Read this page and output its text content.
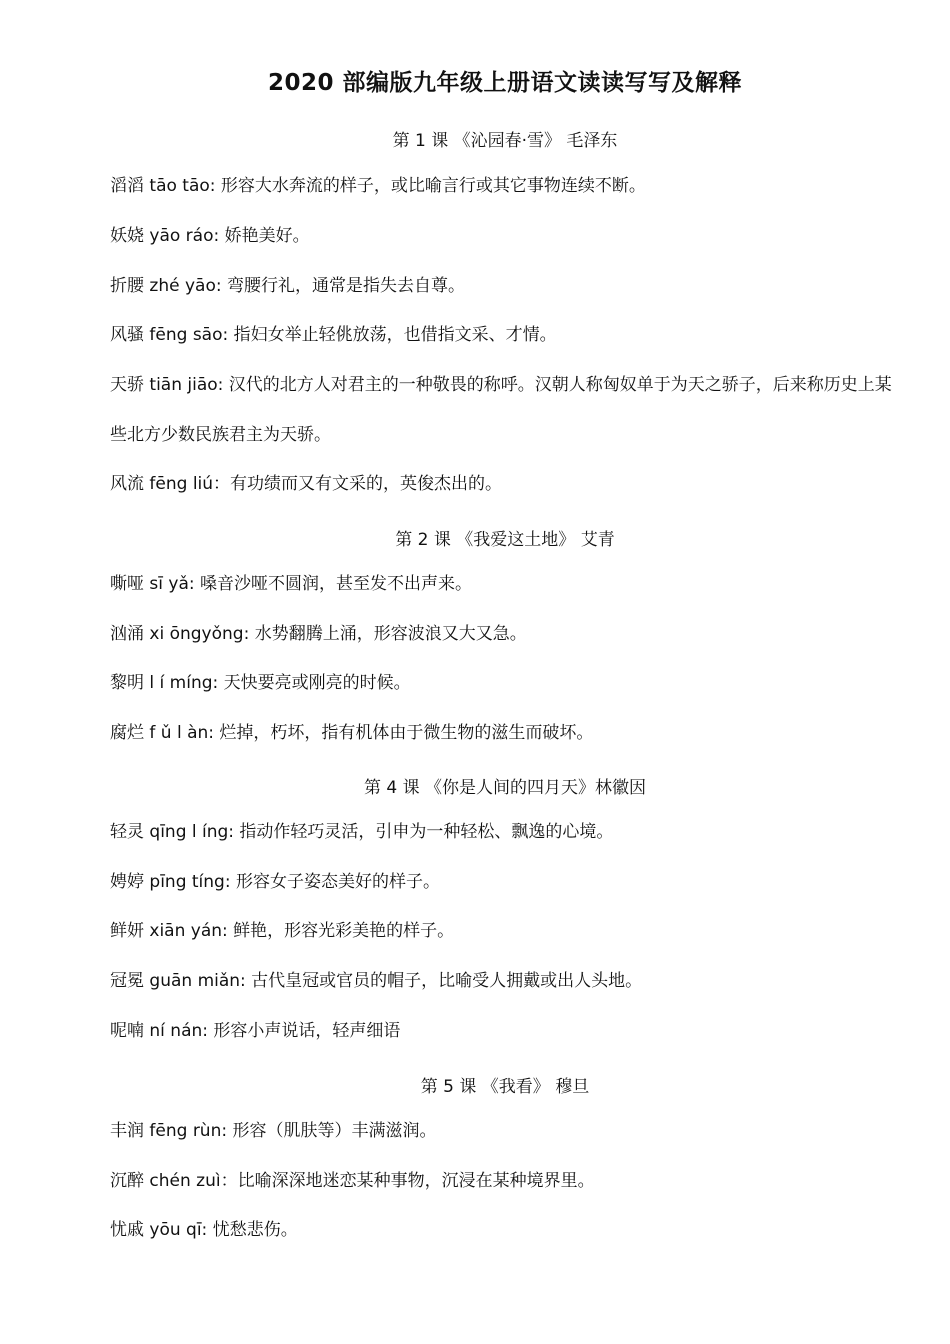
2020 部编版九年级上册语文读读写写及解释
第 1 课 《沁园春·雪》 毛泽东
滔滔 tāo tāo: 形容大水奔流的样子，或比喻言行或其它事物连续不断。
妖娆 yāo ráo: 娇艳美好。
折腰 zhé yāo: 弯腰行礼，通常是指失去自尊。
风骚 fēng sāo: 指妇女举止轻佻放荡，也借指文采、才情。
天骄 tiān jiāo: 汉代的北方人对君主的一种敬畏的称呼。汉朝人称匈奴单于为天之骄子，后来称历史上某些北方少数民族君主为天骄。
风流 fēng liú：有功绩而又有文采的，英俊杰出的。
第 2 课 《我爱这土地》 艾青
嘶哑 sī yǎ: 嗓音沙哑不圆润，甚至发不出声来。
汹涌 xi ōngyǒng: 水势翻腾上涌，形容波浪又大又急。
黎明 l í míng: 天快要亮或刚亮的时候。
腐烂 f ǔ l àn: 烂掉，朽坏，指有机体由于微生物的滋生而破坏。
第 4 课 《你是人间的四月天》林徽因
轻灵 qīng l íng: 指动作轻巧灵活，引申为一种轻松、飘逸的心境。
娉婷 pīng tíng: 形容女子姿态美好的样子。
鲜妍 xiān yán: 鲜艳，形容光彩美艳的样子。
冠冕 guān miǎn: 古代皇冠或官员的帽子，比喻受人拥戴或出人头地。
呢喃 ní nán: 形容小声说话，轻声细语
第 5 课 《我看》 穆旦
丰润 fēng rùn: 形容（肌肤等）丰满滋润。
沉醉 chén zuì：比喻深深地迷恋某种事物，沉浸在某种境界里。
忧戚 yōu qī: 忧愁悲伤。
